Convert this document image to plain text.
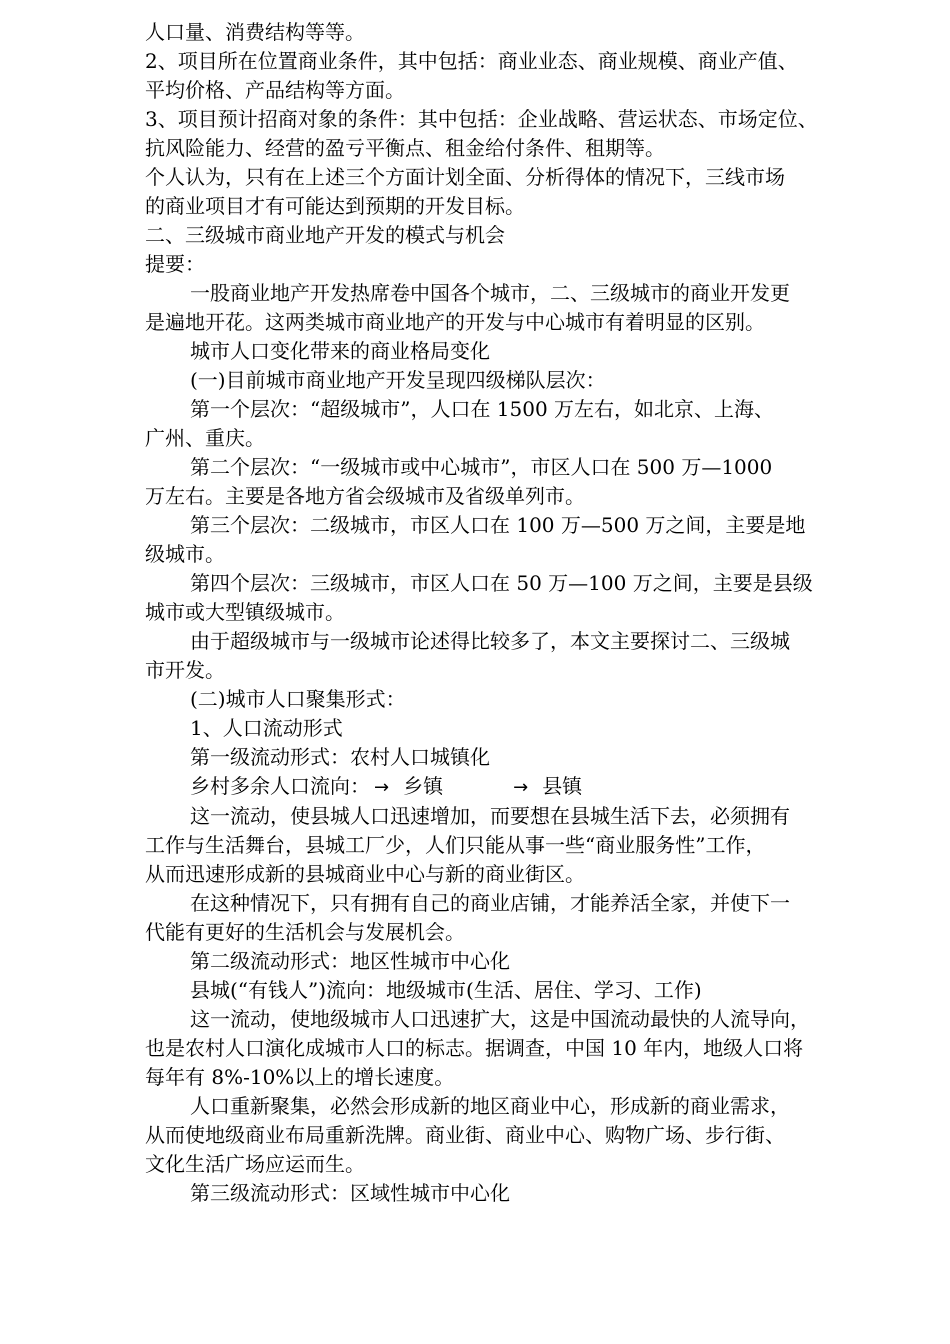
人口量、消费结构等等。
2、项目所在位置商业条件，其中包括：商业业态、商业规模、商业产值、
平均价格、产品结构等方面。
3、项目预计招商对象的条件：其中包括：企业战略、营运状态、市场定位、
抗风险能力、经营的盈亏平衡点、租金给付条件、租期等。
个人认为，只有在上述三个方面计划全面、分析得体的情况下，三线市场
的商业项目才有可能达到预期的开发目标。
二、三级城市商业地产开发的模式与机会
提要：
一股商业地产开发热席卷中国各个城市，二、三级城市的商业开发更
是遍地开花。这两类城市商业地产的开发与中心城市有着明显的区别。
城市人口变化带来的商业格局变化
(一)目前城市商业地产开发呈现四级梯队层次：
第一个层次：“超级城市”，人口在 1500 万左右，如北京、上海、
广州、重庆。
第二个层次：“一级城市或中心城市”，市区人口在 500 万—1000
万左右。主要是各地方省会级城市及省级单列市。
第三个层次：二级城市，市区人口在 100 万—500 万之间，主要是地
级城市。
第四个层次：三级城市，市区人口在 50 万—100 万之间，主要是县级
城市或大型镇级城市。
由于超级城市与一级城市论述得比较多了，本文主要探讨二、三级城
市开发。
(二)城市人口聚集形式：
1、人口流动形式
第一级流动形式：农村人口城镇化
乡村多余人口流向： → 乡镇	→ 县镇
这一流动，使县城人口迅速增加，而要想在县城生活下去，必须拥有
工作与生活舞台，县城工厂少，人们只能从事一些“商业服务性”工作，
从而迅速形成新的县城商业中心与新的商业街区。
在这种情况下，只有拥有自己的商业店铺，才能养活全家，并使下一
代能有更好的生活机会与发展机会。
第二级流动形式：地区性城市中心化
县城(“有钱人”)流向：地级城市(生活、居住、学习、工作)
这一流动，使地级城市人口迅速扩大，这是中国流动最快的人流导向，
也是农村人口演化成城市人口的标志。据调查，中国 10 年内，地级人口将
每年有 8%-10%以上的增长速度。
人口重新聚集，必然会形成新的地区商业中心，形成新的商业需求，
从而使地级商业布局重新洗牌。商业街、商业中心、购物广场、步行街、
文化生活广场应运而生。
第三级流动形式：区域性城市中心化
